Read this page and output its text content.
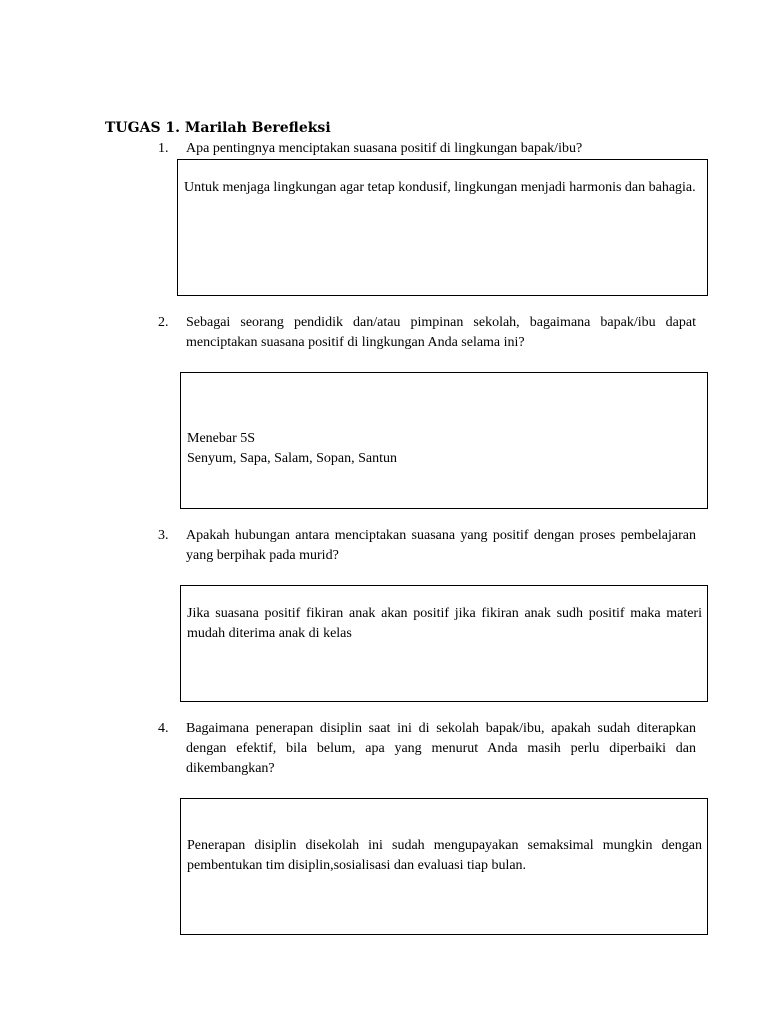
TUGAS 1. Marilah Berefleksi
1. Apa pentingnya menciptakan suasana positif di lingkungan bapak/ibu?
Untuk menjaga lingkungan agar tetap kondusif, lingkungan menjadi harmonis dan bahagia.
2. Sebagai seorang pendidik dan/atau pimpinan sekolah, bagaimana bapak/ibu dapat menciptakan suasana positif di lingkungan Anda selama ini?
Menebar 5S
Senyum, Sapa, Salam, Sopan, Santun
3. Apakah hubungan antara menciptakan suasana yang positif dengan proses pembelajaran yang berpihak pada murid?
Jika suasana positif fikiran anak akan positif jika fikiran anak sudh positif maka materi mudah diterima anak di kelas
4. Bagaimana penerapan disiplin saat ini di sekolah bapak/ibu, apakah sudah diterapkan dengan efektif, bila belum, apa yang menurut Anda masih perlu diperbaiki dan dikembangkan?
Penerapan disiplin disekolah ini sudah mengupayakan semaksimal mungkin dengan pembentukan tim disiplin,sosialisasi dan evaluasi tiap bulan.
